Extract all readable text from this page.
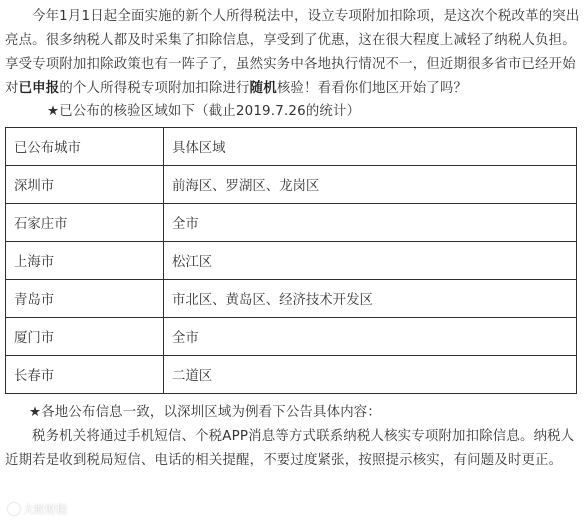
今年1月1日起全面实施的新个人所得税法中，设立专项附加扣除项，是这次个税改革的突出亮点。很多纳税人都及时采集了扣除信息，享受到了优惠，这在很大程度上减轻了纳税人负担。享受专项附加扣除政策也有一阵子了，虽然实务中各地执行情况不一，但近期很多省市已经开始对已申报的个人所得税专项附加扣除进行随机核验！看看你们地区开始了吗？

★已公布的核验区域如下（截止2019.7.26的统计）

已公布城市	具体区域
深圳市	前海区、罗湖区、龙岗区
石家庄市	全市
上海市	松江区
青岛市	市北区、黄岛区、经济技术开发区
厦门市	全市
长春市	二道区

★各地公布信息一致，以深圳区域为例看下公告具体内容：

税务机关将通过手机短信、个税APP消息等方式联系纳税人核实专项附加扣除信息。纳税人近期若是收到税局短信、电话的相关提醒，不要过度紧张，按照提示核实，有问题及时更正。

大蚁财税
